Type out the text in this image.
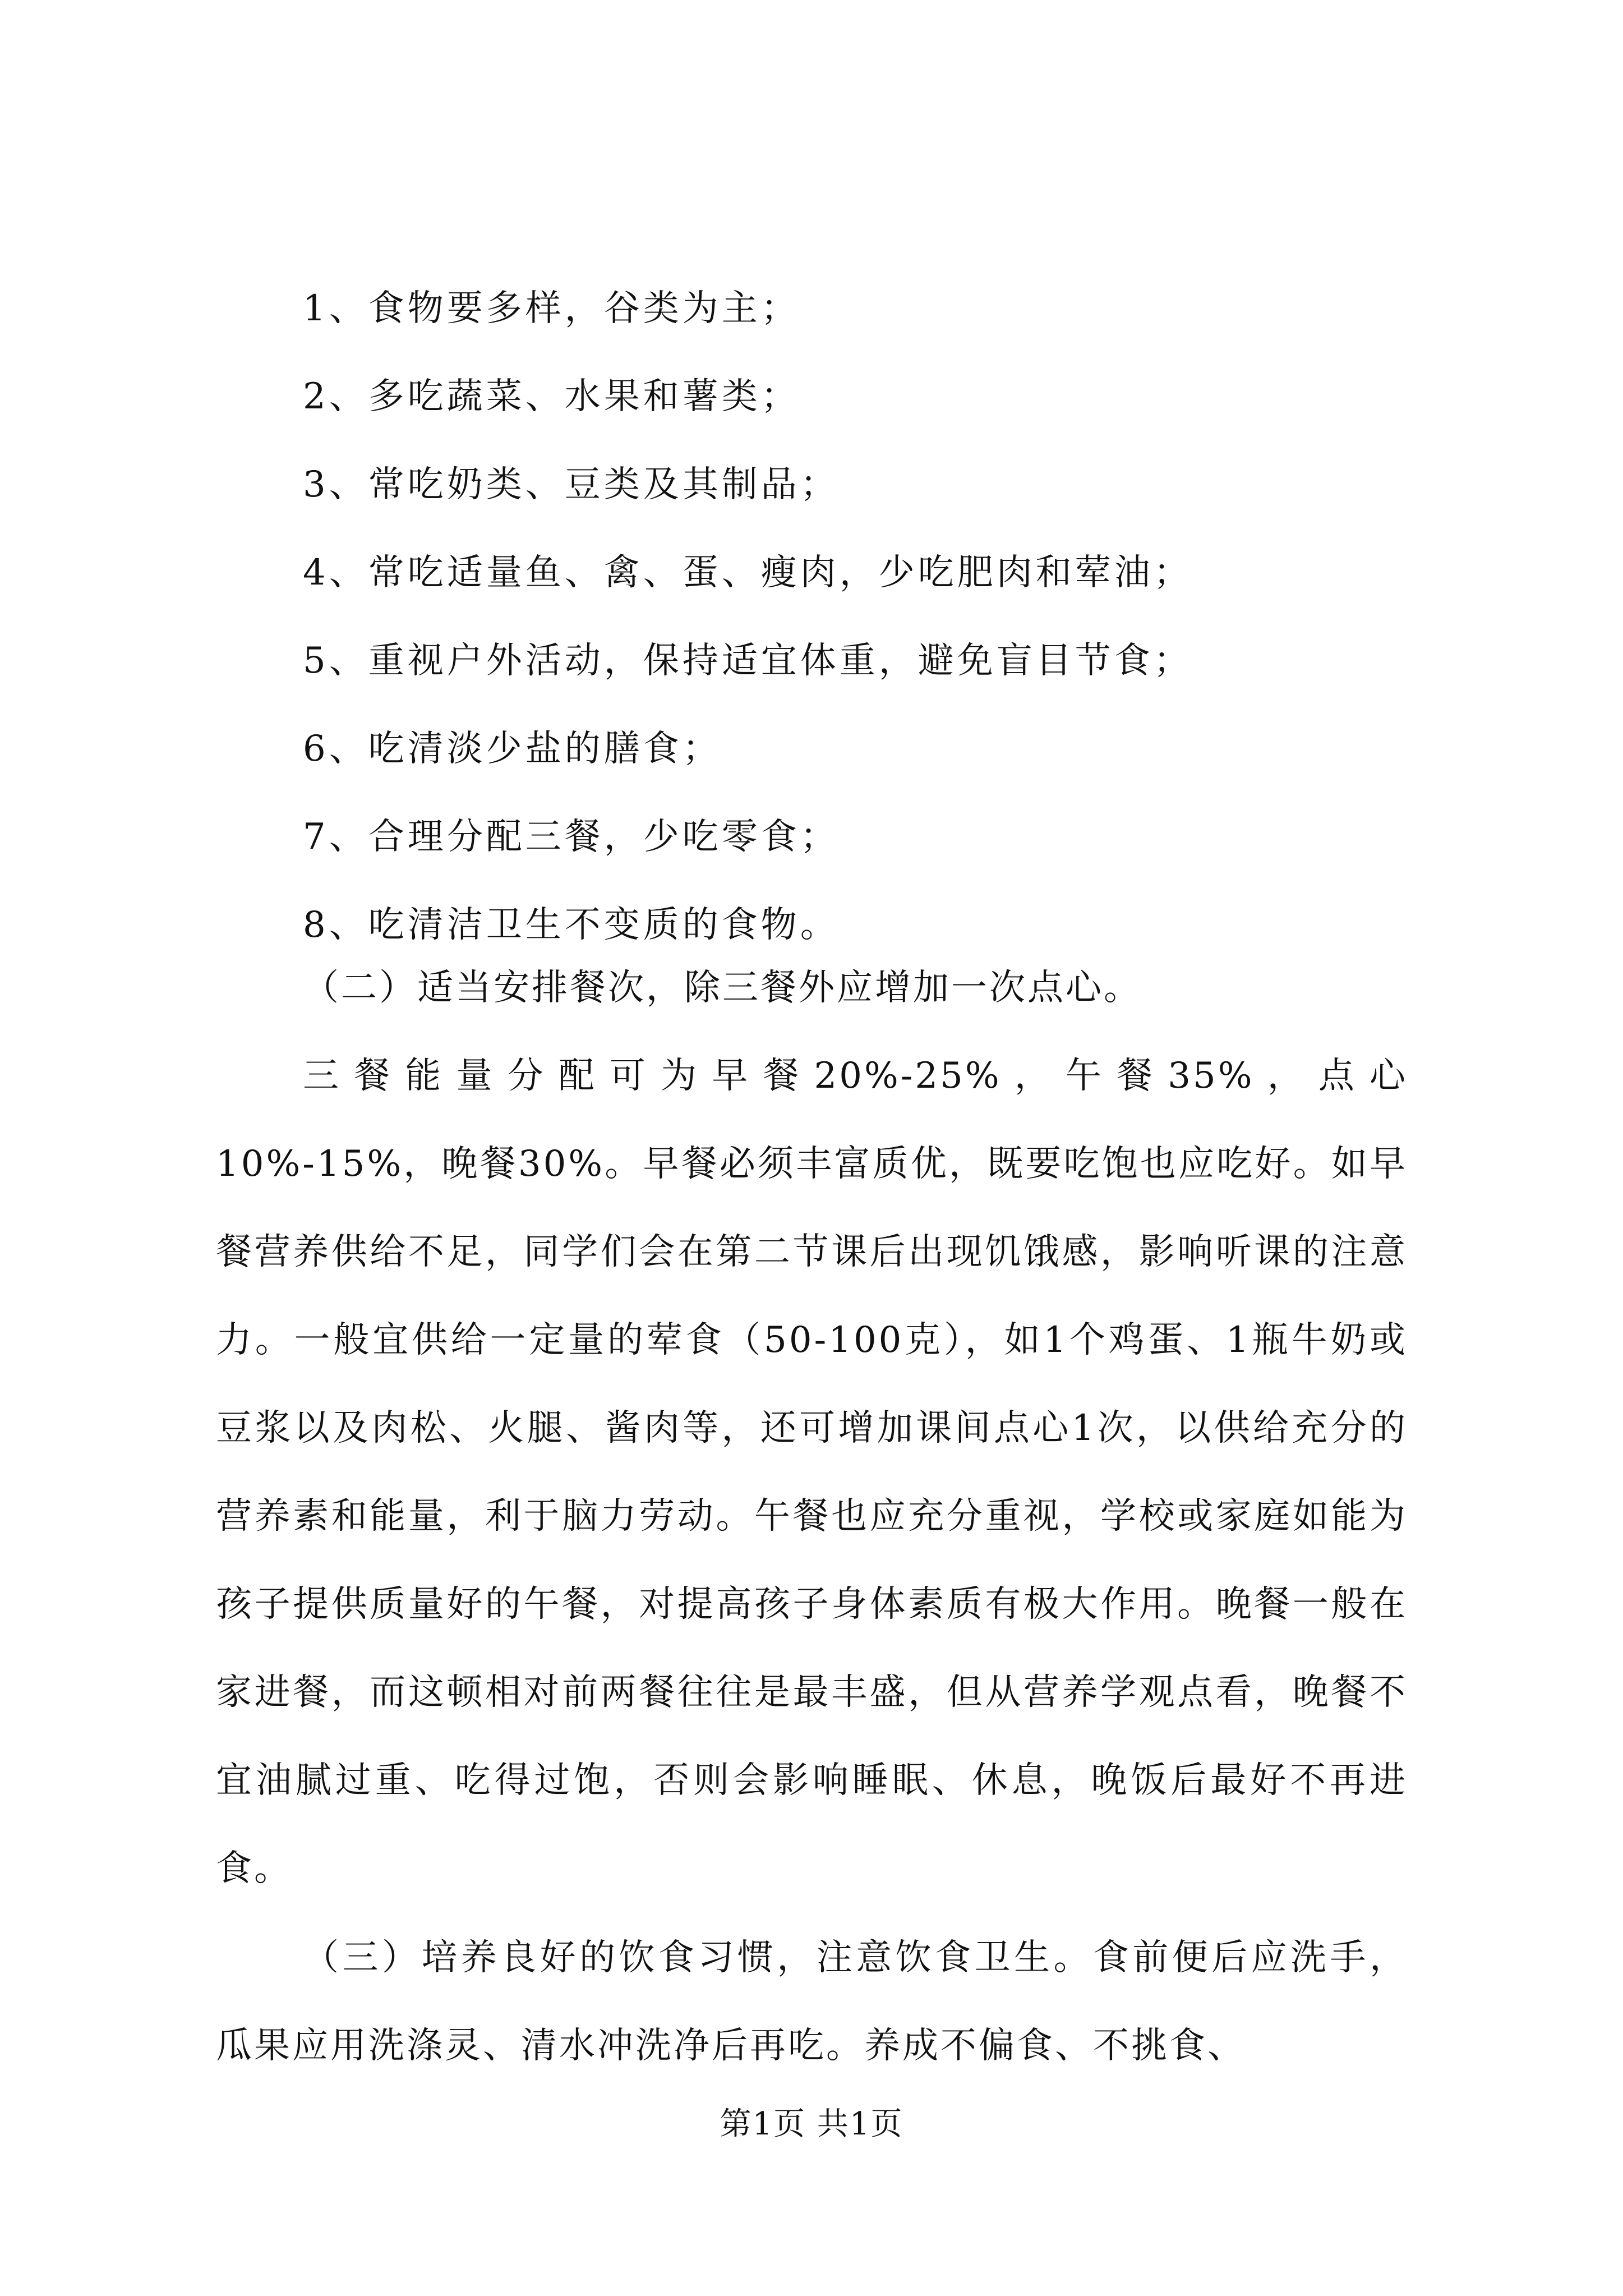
1、食物要多样，谷类为主；
2、多吃蔬菜、水果和薯类；
3、常吃奶类、豆类及其制品；
4、常吃适量鱼、禽、蛋、瘦肉，少吃肥肉和荤油；
5、重视户外活动，保持适宜体重，避免盲目节食；
6、吃清淡少盐的膳食；
7、合理分配三餐，少吃零食；
8、吃清洁卫生不变质的食物。

（二）适当安排餐次，除三餐外应增加一次点心。

三餐能量分配可为早餐20%-25%，午餐35%，点心10%-15%，晚餐30%。早餐必须丰富质优，既要吃饱也应吃好。如早餐营养供给不足，同学们会在第二节课后出现饥饿感，影响听课的注意力。一般宜供给一定量的荤食（50-100克），如1个鸡蛋、1瓶牛奶或豆浆以及肉松、火腿、酱肉等，还可增加课间点心1次，以供给充分的营养素和能量，利于脑力劳动。午餐也应充分重视，学校或家庭如能为孩子提供质量好的午餐，对提高孩子身体素质有极大作用。晚餐一般在家进餐，而这顿相对前两餐往往是最丰盛，但从营养学观点看，晚餐不宜油腻过重、吃得过饱，否则会影响睡眠、休息，晚饭后最好不再进食。

（三）培养良好的饮食习惯，注意饮食卫生。食前便后应洗手，瓜果应用洗涤灵、清水冲洗净后再吃。养成不偏食、不挑食、

第1页 共1页
